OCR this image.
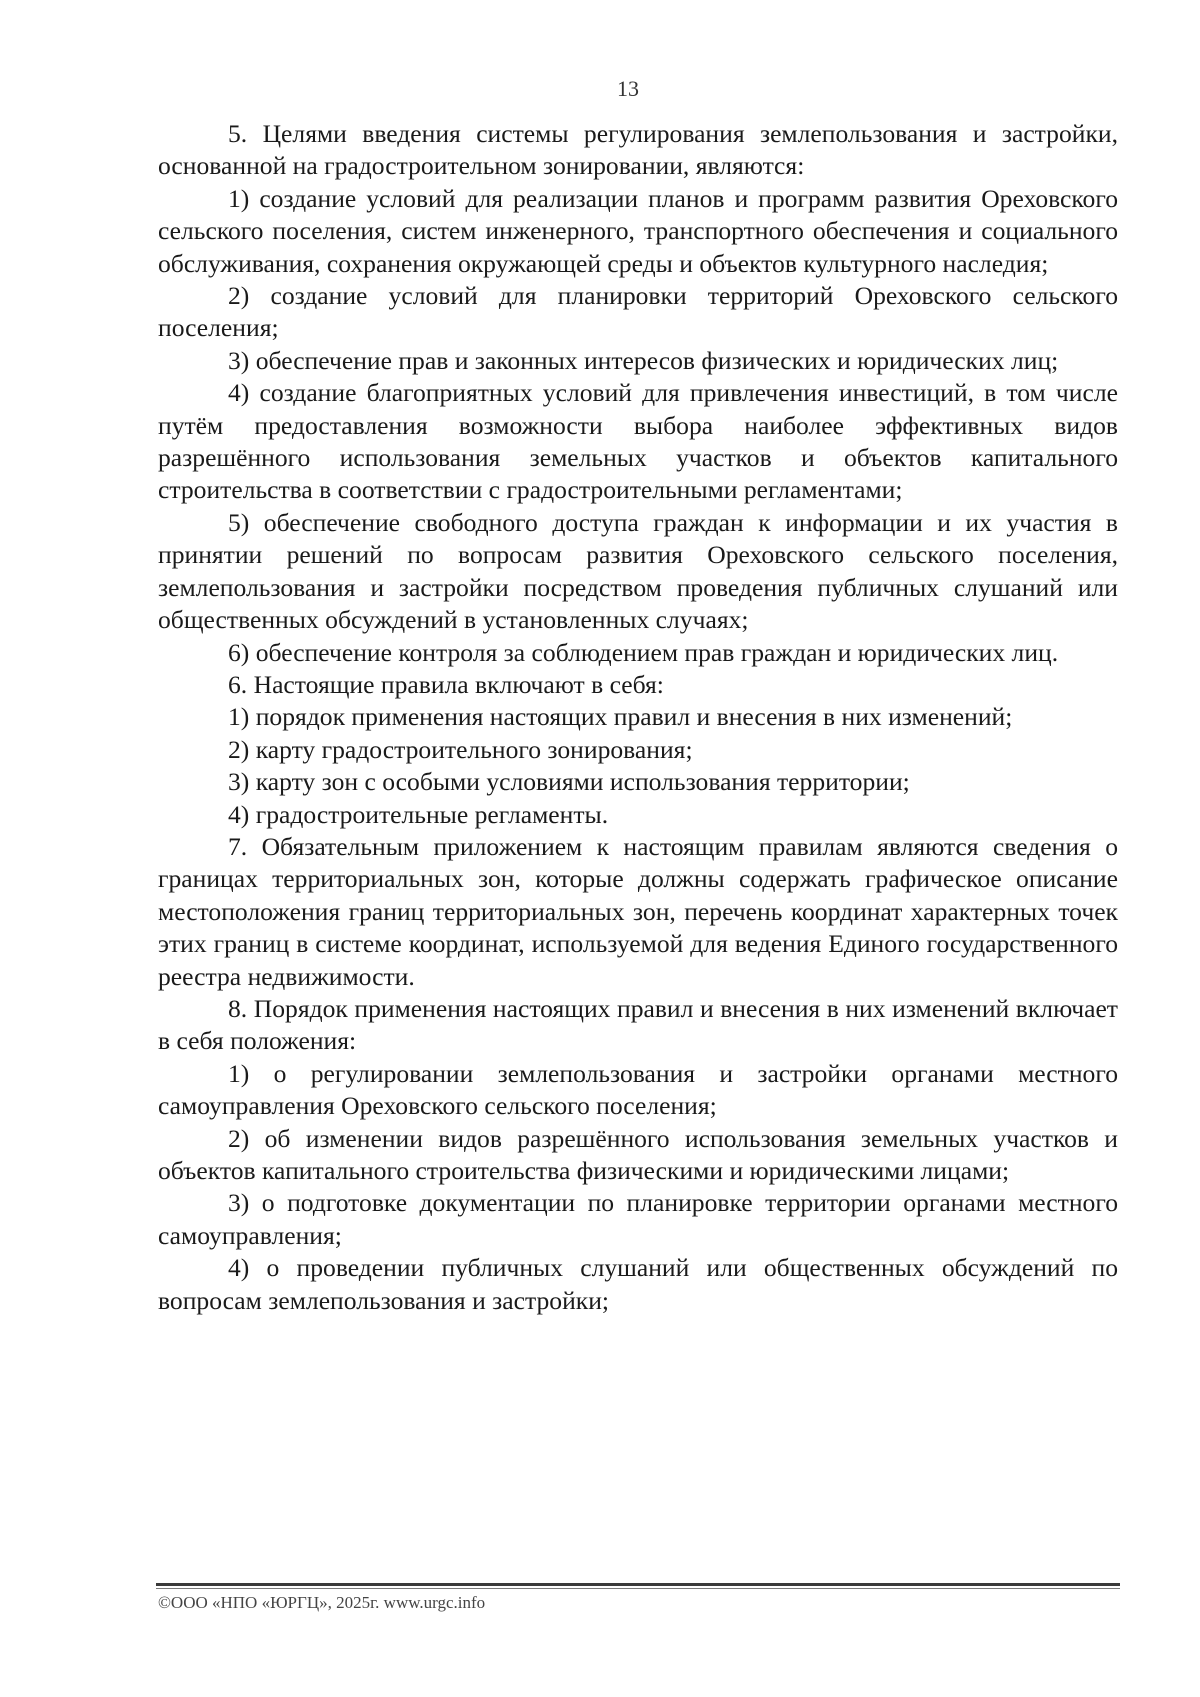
13

5. Целями введения системы регулирования землепользования и застройки, основанной на градостроительном зонировании, являются:

1) создание условий для реализации планов и программ развития Ореховского сельского поселения, систем инженерного, транспортного обеспечения и социального обслуживания, сохранения окружающей среды и объектов культурного наследия;

2) создание условий для планировки территорий Ореховского сельского поселения;

3) обеспечение прав и законных интересов физических и юридических лиц;

4) создание благоприятных условий для привлечения инвестиций, в том числе путём предоставления возможности выбора наиболее эффективных видов разрешённого использования земельных участков и объектов капитального строительства в соответствии с градостроительными регламентами;

5) обеспечение свободного доступа граждан к информации и их участия в принятии решений по вопросам развития Ореховского сельского поселения, землепользования и застройки посредством проведения публичных слушаний или общественных обсуждений в установленных случаях;

6) обеспечение контроля за соблюдением прав граждан и юридических лиц.

6. Настоящие правила включают в себя:

1) порядок применения настоящих правил и внесения в них изменений;

2) карту градостроительного зонирования;

3) карту зон с особыми условиями использования территории;

4) градостроительные регламенты.

7. Обязательным приложением к настоящим правилам являются сведения о границах территориальных зон, которые должны содержать графическое описание местоположения границ территориальных зон, перечень координат характерных точек этих границ в системе координат, используемой для ведения Единого государственного реестра недвижимости.

8. Порядок применения настоящих правил и внесения в них изменений включает в себя положения:

1) о регулировании землепользования и застройки органами местного самоуправления Ореховского сельского поселения;

2) об изменении видов разрешённого использования земельных участков и объектов капитального строительства физическими и юридическими лицами;

3) о подготовке документации по планировке территории органами местного самоуправления;

4) о проведении публичных слушаний или общественных обсуждений по вопросам землепользования и застройки;

©ООО «НПО «ЮРГЦ», 2025г. www.urgc.info
